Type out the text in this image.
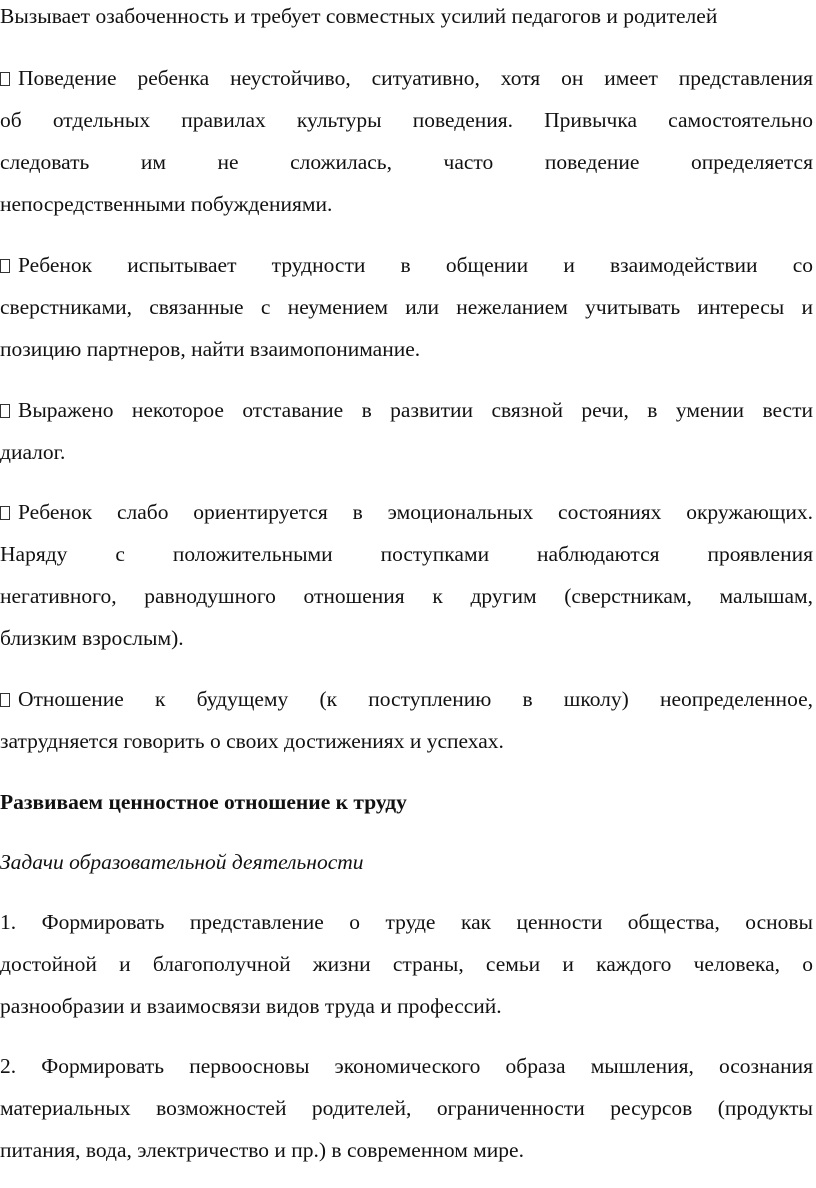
Вызывает озабоченность и требует совместных усилий педагогов и родителей
Поведение ребенка неустойчиво, ситуативно, хотя он имеет представления
об отдельных правилах культуры поведения. Привычка самостоятельно
следовать им не сложилась, часто поведение определяется
непосредственными побуждениями.
Ребенок испытывает трудности в общении и взаимодействии со
сверстниками, связанные с неумением или нежеланием учитывать интересы и
позицию партнеров, найти взаимопонимание.
Выражено некоторое отставание в развитии связной речи, в умении вести
диалог.
Ребенок слабо ориентируется в эмоциональных состояниях окружающих.
Наряду с положительными поступками наблюдаются проявления
негативного, равнодушного отношения к другим (сверстникам, малышам,
близким взрослым).
Отношение к будущему (к поступлению в школу) неопределенное,
затрудняется говорить о своих достижениях и успехах.
Развиваем ценностное отношение к труду
Задачи образовательной деятельности
1. Формировать представление о труде как ценности общества, основы
достойной и благополучной жизни страны, семьи и каждого человека, о
разнообразии и взаимосвязи видов труда и профессий.
2. Формировать первоосновы экономического образа мышления, осознания
материальных возможностей родителей, ограниченности ресурсов (продукты
питания, вода, электричество и пр.) в современном мире.
